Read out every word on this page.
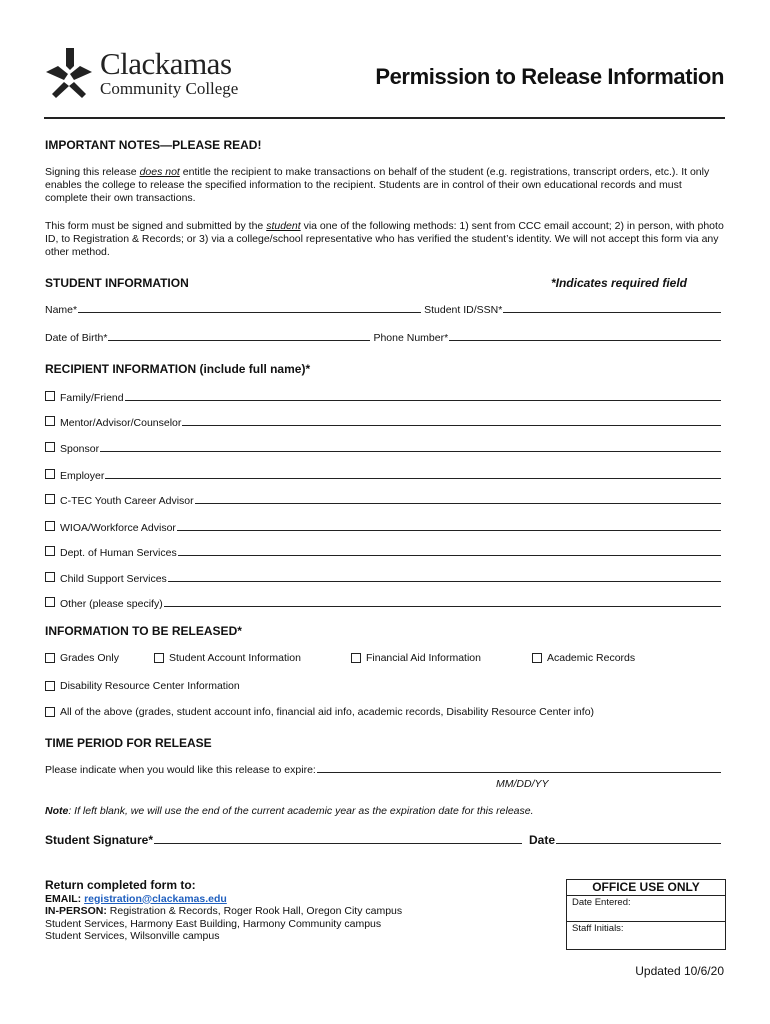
Clackamas
Community College	Permission to Release Information
IMPORTANT NOTES—PLEASE READ!

Signing this release does not entitle the recipient to make transactions on behalf of the student (e.g. registrations, transcript orders, etc.). It only enables the college to release the specified information to the recipient. Students are in control of their own educational records and must complete their own transactions.

This form must be signed and submitted by the student via one of the following methods: 1) sent from CCC email account; 2) in person, with photo ID, to Registration & Records; or 3) via a college/school representative who has verified the student’s identity. We will not accept this form via any other method.

STUDENT INFORMATION	*Indicates required field
Name*	Student ID/SSN*
Date of Birth*	Phone Number*
RECIPIENT INFORMATION (include full name)*
Family/Friend
Mentor/Advisor/Counselor
Sponsor
Employer
C-TEC Youth Career Advisor
WIOA/Workforce Advisor
Dept. of Human Services
Child Support Services
Other (please specify)
INFORMATION TO BE RELEASED*
Grades Only	Student Account Information	Financial Aid Information	Academic Records
Disability Resource Center Information
All of the above (grades, student account info, financial aid info, academic records, Disability Resource Center info)
TIME PERIOD FOR RELEASE
Please indicate when you would like this release to expire:
MM/DD/YY
Note: If left blank, we will use the end of the current academic year as the expiration date for this release.
Student Signature*	Date
Return completed form to:
EMAIL: registration@clackamas.edu
IN-PERSON: Registration & Records, Roger Rook Hall, Oregon City campus
Student Services, Harmony East Building, Harmony Community campus
Student Services, Wilsonville campus
OFFICE USE ONLY
Date Entered:
Staff Initials:
Updated 10/6/20
